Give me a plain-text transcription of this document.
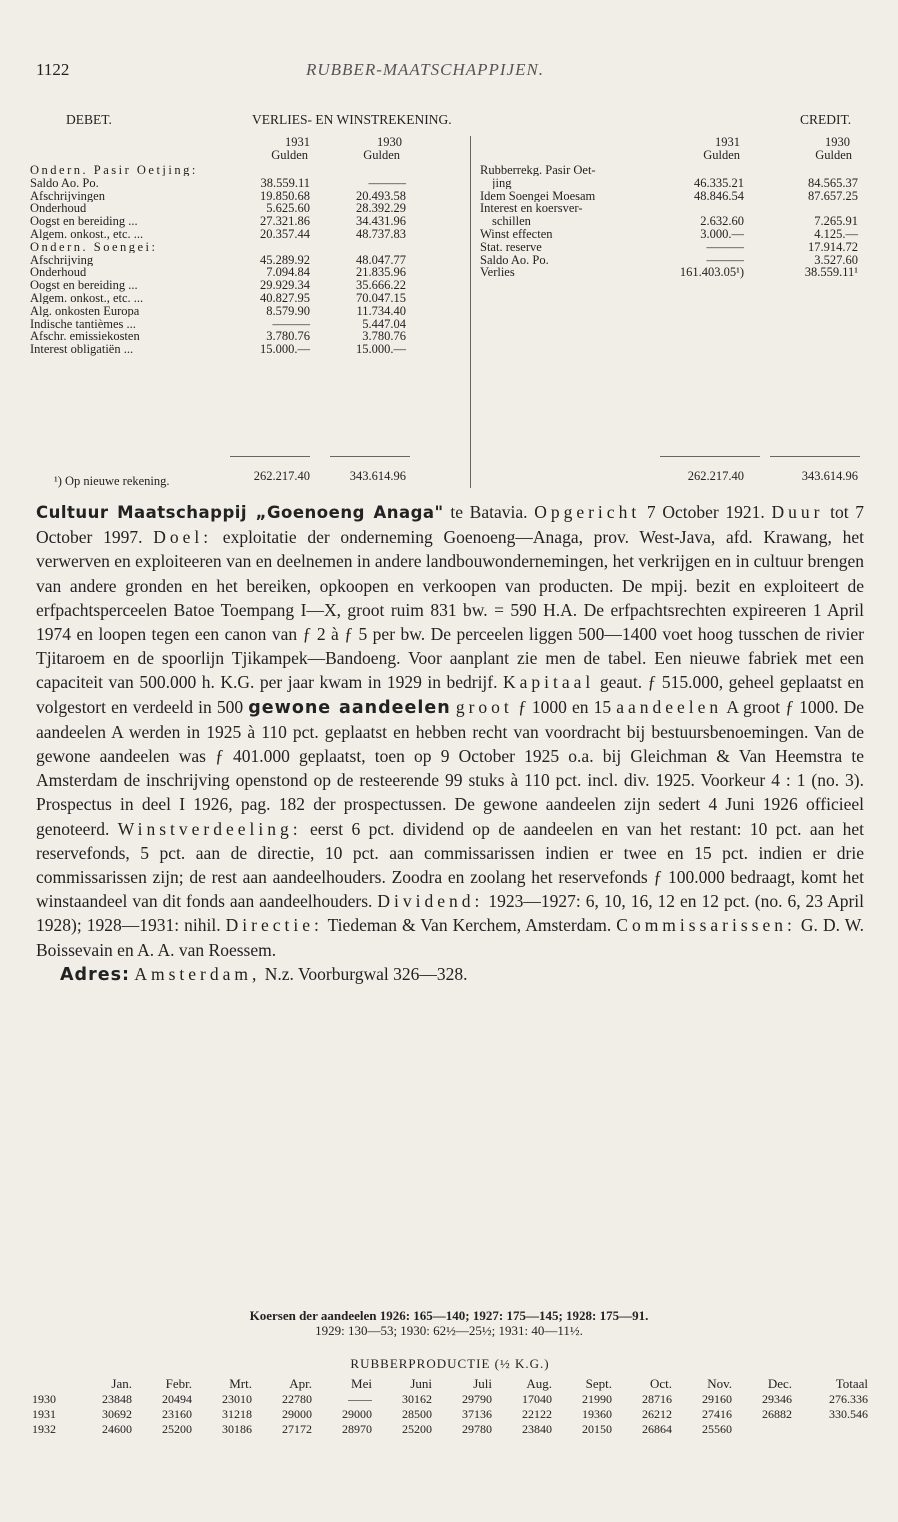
1122	RUBBER-MAATSCHAPPIJEN.
DEBET.	VERLIES- EN WINSTREKENING.	CREDIT.
1931	1930	1931	1930
Gulden	Gulden	Gulden	Gulden
262.217.40	343.614.96	262.217.40	343.614.96
Ondern. Pasir Oetjing:
Saldo Ao. Po.	38.559.11	———
Afschrijvingen	19.850.68	20.493.58
Onderhoud	5.625.60	28.392.29
Oogst en bereiding ...	27.321.86	34.431.96
Algem. onkost., etc. ...	20.357.44	48.737.83
Ondern. Soengei:
Afschrijving	45.289.92	48.047.77
Onderhoud	7.094.84	21.835.96
Oogst en bereiding ...	29.929.34	35.666.22
Algem. onkost., etc. ...	40.827.95	70.047.15
Alg. onkosten Europa	8.579.90	11.734.40
Indische tantièmes ...	———	5.447.04
Afschr. emissiekosten	3.780.76	3.780.76
Interest obligatiën ...	15.000.—	15.000.—
Rubberrekg. Pasir Oet-
jing	46.335.21	84.565.37
Idem Soengei Moesam	48.846.54	87.657.25
Interest en koersver-
schillen	2.632.60	7.265.91
Winst effecten	3.000.—	4.125.—
Stat. reserve	———	17.914.72
Saldo Ao. Po.	———	3.527.60
Verlies	161.403.05¹)	38.559.11¹
¹) Op nieuwe rekening.

Cultuur Maatschappij „Goenoeng Anaga" te Batavia. Opgericht 7 October 1921. Duur tot 7 October 1997. Doel: exploitatie der onderneming Goenoeng—Anaga, prov. West-Java, afd. Krawang, het verwerven en exploiteeren van en deelnemen in andere landbouwondernemingen, het verkrijgen en in cultuur brengen van andere gronden en het bereiken, opkoopen en verkoopen van producten. De mpij. bezit en exploiteert de erfpachtsperceelen Batoe Toempang I—X, groot ruim 831 bw. = 590 H.A. De erfpachtsrechten expireeren 1 April 1974 en loopen tegen een canon van ƒ 2 à ƒ 5 per bw. De perceelen liggen 500—1400 voet hoog tusschen de rivier Tjitaroem en de spoorlijn Tjikampek—Bandoeng. Voor aanplant zie men de tabel. Een nieuwe fabriek met een capaciteit van 500.000 h. K.G. per jaar kwam in 1929 in bedrijf. Kapitaal geaut. ƒ 515.000, geheel geplaatst en volgestort en verdeeld in 500 gewone aandeelen groot ƒ 1000 en 15 aandeelen A groot ƒ 1000. De aandeelen A werden in 1925 à 110 pct. geplaatst en hebben recht van voordracht bij bestuursbenoemingen. Van de gewone aandeelen was ƒ 401.000 geplaatst, toen op 9 October 1925 o.a. bij Gleichman & Van Heemstra te Amsterdam de inschrijving openstond op de resteerende 99 stuks à 110 pct. incl. div. 1925. Voorkeur 4 : 1 (no. 3). Prospectus in deel I 1926, pag. 182 der prospectussen. De gewone aandeelen zijn sedert 4 Juni 1926 officieel genoteerd. Winstverdeeling: eerst 6 pct. dividend op de aandeelen en van het restant: 10 pct. aan het reservefonds, 5 pct. aan de directie, 10 pct. aan commissarissen indien er twee en 15 pct. indien er drie commissarissen zijn; de rest aan aandeelhouders. Zoodra en zoolang het reservefonds ƒ 100.000 bedraagt, komt het winstaandeel van dit fonds aan aandeelhouders. Dividend: 1923—1927: 6, 10, 16, 12 en 12 pct. (no. 6, 23 April 1928); 1928—1931: nihil. Directie: Tiedeman & Van Kerchem, Amsterdam. Commissarissen: G. D. W. Boissevain en A. A. van Roessem.

Adres: Amsterdam, N.z. Voorburgwal 326—328.

Koersen der aandeelen 1926: 165—140; 1927: 175—145; 1928: 175—91.
1929: 130—53; 1930: 62½—25½; 1931: 40—11½.
RUBBERPRODUCTIE (½ K.G.)
	Jan.	Febr.	Mrt.	Apr.	Mei	Juni	Juli	Aug.	Sept.	Oct.	Nov.	Dec.	Totaal
1930	23848	20494	23010	22780	——	30162	29790	17040	21990	28716	29160	29346	276.336
1931	30692	23160	31218	29000	29000	28500	37136	22122	19360	26212	27416	26882	330.546
1932	24600	25200	30186	27172	28970	25200	29780	23840	20150	26864	25560		
